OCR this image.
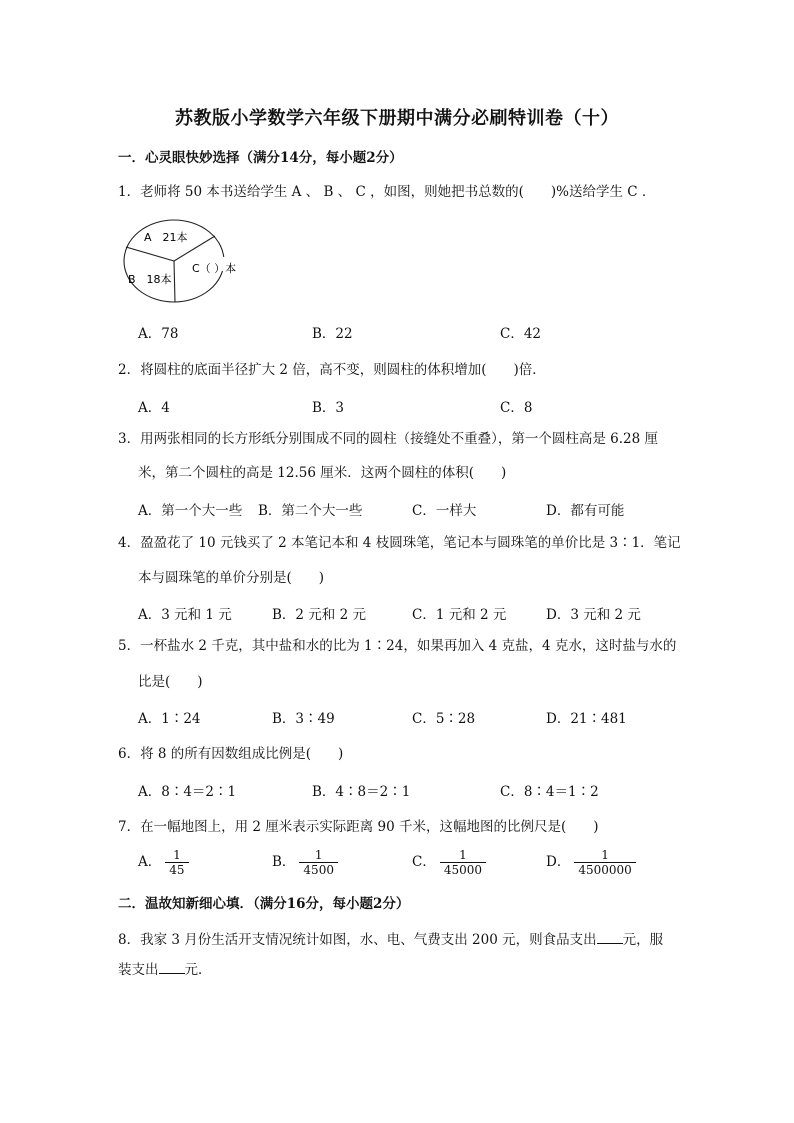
苏教版小学数学六年级下册期中满分必刷特训卷（十）
一．心灵眼快妙选择（满分14分，每小题2分）
1．老师将 50 本书送给学生 A 、 B 、 C ，如图，则她把书总数的(　　)%送给学生 C ．
A　21本
B　18本
C（ ）本
A．78	B．22	C．42
2．将圆柱的底面半径扩大 2 倍，高不变，则圆柱的体积增加(　　)倍．
A．4	B．3	C．8
3．用两张相同的长方形纸分别围成不同的圆柱（接缝处不重叠），第一个圆柱高是 6.28 厘
米，第二个圆柱的高是 12.56 厘米．这两个圆柱的体积(　　)
A．第一个大一些 B．第二个大一些	C．一样大	D．都有可能
4．盈盈花了 10 元钱买了 2 本笔记本和 4 枝圆珠笔，笔记本与圆珠笔的单价比是 3∶1．笔记
本与圆珠笔的单价分别是(　　)
A．3 元和 1 元	B．2 元和 2 元	C．1 元和 2 元	D．3 元和 2 元
5．一杯盐水 2 千克，其中盐和水的比为 1∶24，如果再加入 4 克盐，4 克水，这时盐与水的
比是(　　)
A．1∶24	B．3∶49	C．5∶28	D．21∶481
6．将 8 的所有因数组成比例是(　　)
A．8∶4＝2∶1	B．4∶8＝2∶1	C．8∶4＝1∶2
7．在一幅地图上，用 2 厘米表示实际距离 90 千米，这幅地图的比例尺是(　　)
A． $\frac{1}{45}$	B． $\frac{1}{4500}$	C． $\frac{1}{45000}$	D． $\frac{1}{4500000}$
二．温故知新细心填．（满分16分，每小题2分）
8．我家 3 月份生活开支情况统计如图，水、电、气费支出 200 元，则食品支出 元，服
装支出 元．
